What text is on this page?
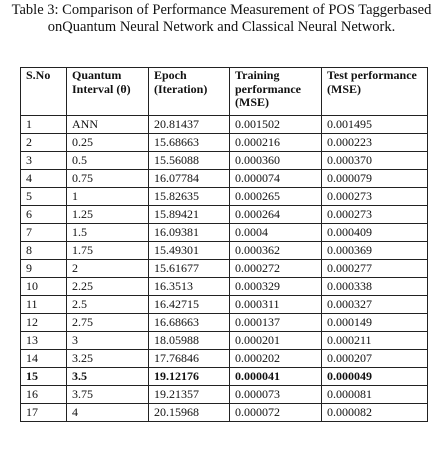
Table 3: Comparison of Performance Measurement of POS Taggerbased onQuantum Neural Network and Classical Neural Network.
S.No	Quantum Interval (θ)	Epoch (Iteration)	Training performance (MSE)	Test performance (MSE)
1	ANN	20.81437	0.001502	0.001495
2	0.25	15.68663	0.000216	0.000223
3	0.5	15.56088	0.000360	0.000370
4	0.75	16.07784	0.000074	0.000079
5	1	15.82635	0.000265	0.000273
6	1.25	15.89421	0.000264	0.000273
7	1.5	16.09381	0.0004	0.000409
8	1.75	15.49301	0.000362	0.000369
9	2	15.61677	0.000272	0.000277
10	2.25	16.3513	0.000329	0.000338
11	2.5	16.42715	0.000311	0.000327
12	2.75	16.68663	0.000137	0.000149
13	3	18.05988	0.000201	0.000211
14	3.25	17.76846	0.000202	0.000207
15	3.5	19.12176	0.000041	0.000049
16	3.75	19.21357	0.000073	0.000081
17	4	20.15968	0.000072	0.000082
